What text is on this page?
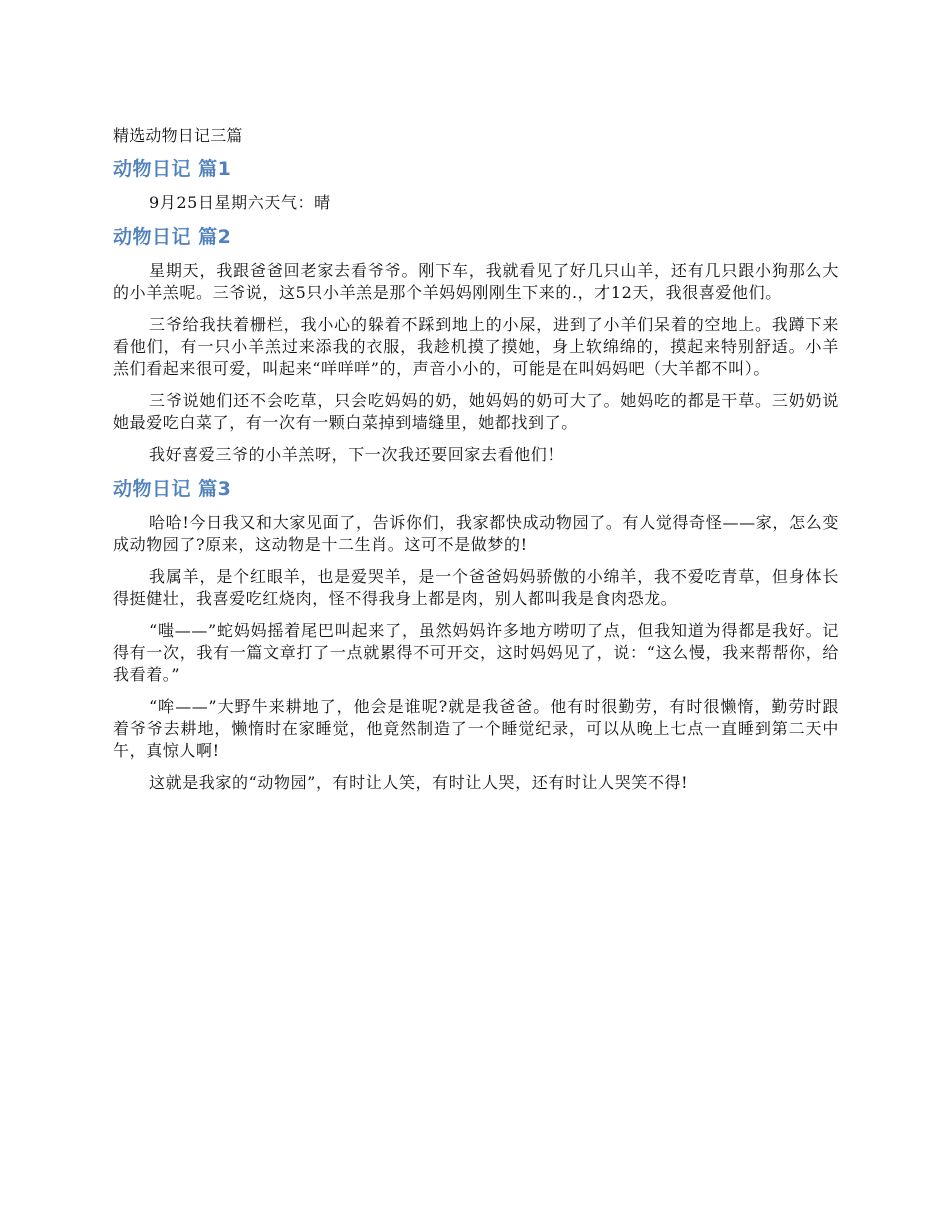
精选动物日记三篇
动物日记 篇1

9月25日星期六天气：晴

动物日记 篇2

星期天，我跟爸爸回老家去看爷爷。刚下车，我就看见了好几只山羊，还有几只跟小狗那么大的小羊羔呢。三爷说，这5只小羊羔是那个羊妈妈刚刚生下来的.，才12天，我很喜爱他们。

三爷给我扶着栅栏，我小心的躲着不踩到地上的小屎，进到了小羊们呆着的空地上。我蹲下来看他们，有一只小羊羔过来添我的衣服，我趁机摸了摸她，身上软绵绵的，摸起来特别舒适。小羊羔们看起来很可爱，叫起来“咩咩咩”的，声音小小的，可能是在叫妈妈吧（大羊都不叫）。

三爷说她们还不会吃草，只会吃妈妈的奶，她妈妈的奶可大了。她妈吃的都是干草。三奶奶说她最爱吃白菜了，有一次有一颗白菜掉到墙缝里，她都找到了。

我好喜爱三爷的小羊羔呀，下一次我还要回家去看他们！

动物日记 篇3

哈哈!今日我又和大家见面了，告诉你们，我家都快成动物园了。有人觉得奇怪——家，怎么变成动物园了?原来，这动物是十二生肖。这可不是做梦的!

我属羊，是个红眼羊，也是爱哭羊，是一个爸爸妈妈骄傲的小绵羊，我不爱吃青草，但身体长得挺健壮，我喜爱吃红烧肉，怪不得我身上都是肉，别人都叫我是食肉恐龙。

“嗤——”蛇妈妈摇着尾巴叫起来了，虽然妈妈许多地方唠叨了点，但我知道为得都是我好。记得有一次，我有一篇文章打了一点就累得不可开交，这时妈妈见了，说：“这么慢，我来帮帮你，给我看着。”

“哞——”大野牛来耕地了，他会是谁呢?就是我爸爸。他有时很勤劳，有时很懒惰，勤劳时跟着爷爷去耕地，懒惰时在家睡觉，他竟然制造了一个睡觉纪录，可以从晚上七点一直睡到第二天中午，真惊人啊!

这就是我家的“动物园”，有时让人笑，有时让人哭，还有时让人哭笑不得!
